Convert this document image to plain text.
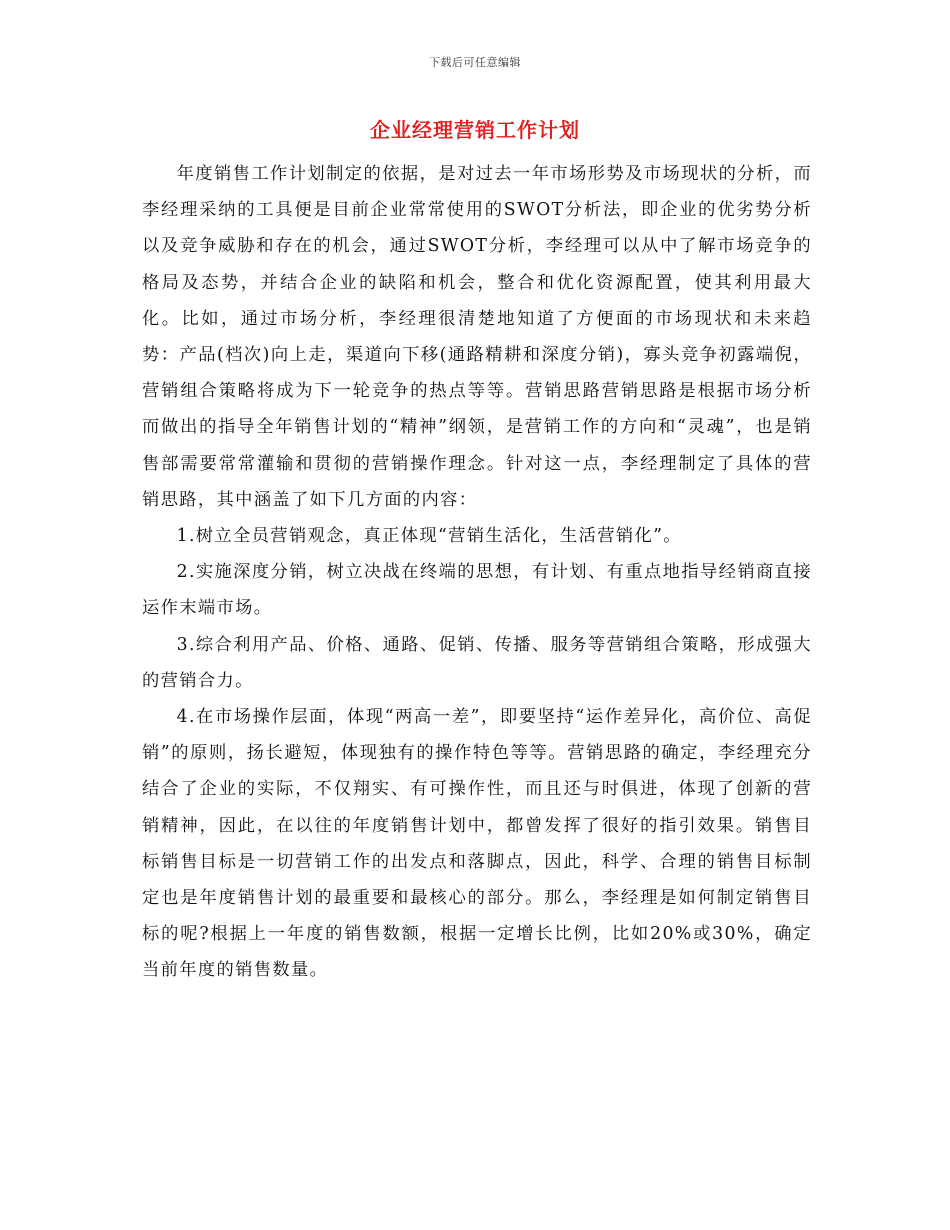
下载后可任意编辑
企业经理营销工作计划

年度销售工作计划制定的依据，是对过去一年市场形势及市场现状的分析，而李经理采纳的工具便是目前企业常常使用的SWOT分析法，即企业的优劣势分析以及竞争威胁和存在的机会，通过SWOT分析，李经理可以从中了解市场竞争的格局及态势，并结合企业的缺陷和机会，整合和优化资源配置，使其利用最大化。比如，通过市场分析，李经理很清楚地知道了方便面的市场现状和未来趋势：产品(档次)向上走，渠道向下移(通路精耕和深度分销)，寡头竞争初露端倪，营销组合策略将成为下一轮竞争的热点等等。营销思路营销思路是根据市场分析而做出的指导全年销售计划的“精神”纲领，是营销工作的方向和“灵魂”，也是销售部需要常常灌输和贯彻的营销操作理念。针对这一点，李经理制定了具体的营销思路，其中涵盖了如下几方面的内容：

1.树立全员营销观念，真正体现“营销生活化，生活营销化”。

2.实施深度分销，树立决战在终端的思想，有计划、有重点地指导经销商直接运作末端市场。

3.综合利用产品、价格、通路、促销、传播、服务等营销组合策略，形成强大的营销合力。

4.在市场操作层面，体现“两高一差”，即要坚持“运作差异化，高价位、高促销”的原则，扬长避短，体现独有的操作特色等等。营销思路的确定，李经理充分结合了企业的实际，不仅翔实、有可操作性，而且还与时俱进，体现了创新的营销精神，因此，在以往的年度销售计划中，都曾发挥了很好的指引效果。销售目标销售目标是一切营销工作的出发点和落脚点，因此，科学、合理的销售目标制定也是年度销售计划的最重要和最核心的部分。那么，李经理是如何制定销售目标的呢?根据上一年度的销售数额，根据一定增长比例，比如20%或30%，确定当前年度的销售数量。
